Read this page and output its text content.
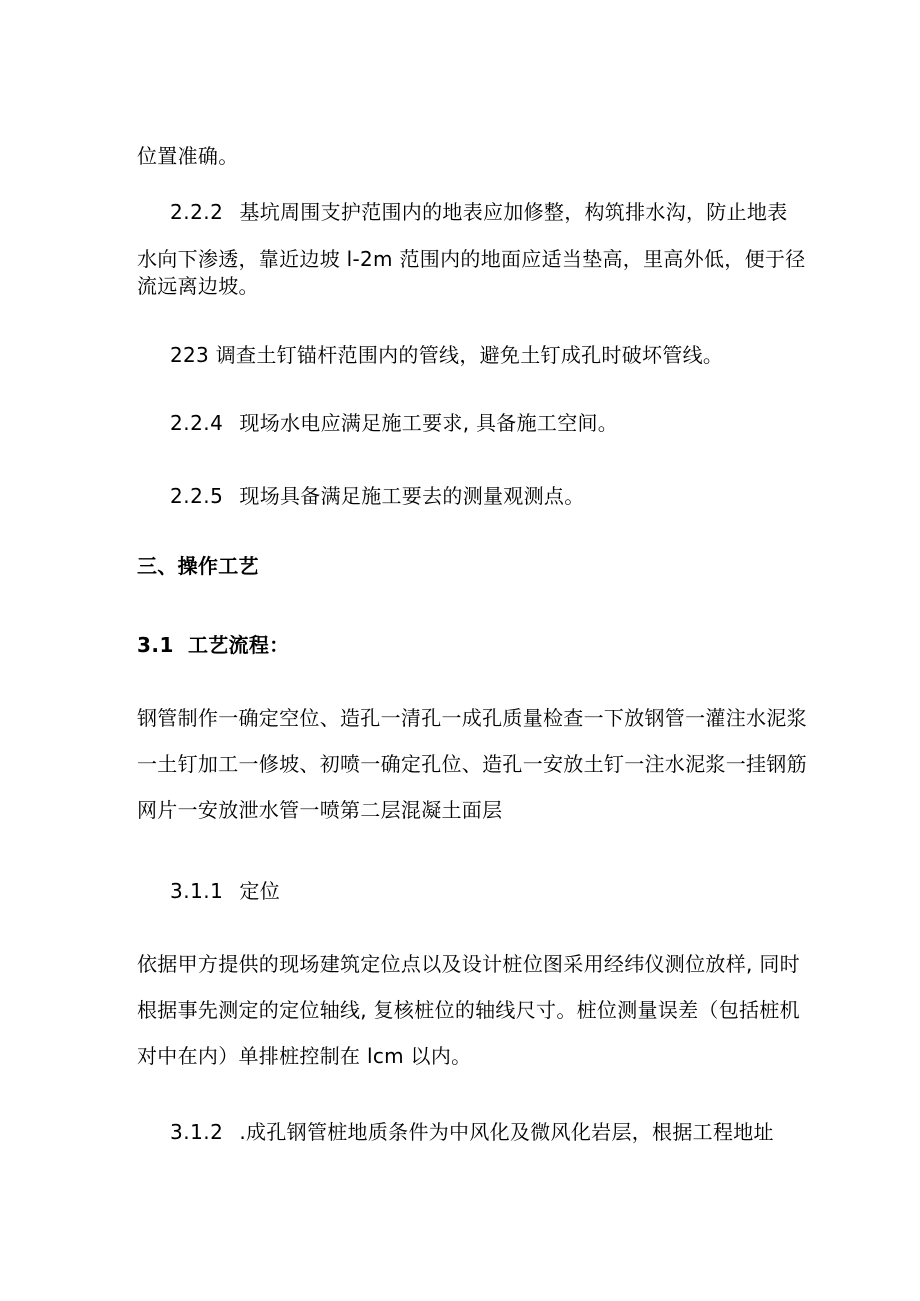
位置准确。
2.2.2 基坑周围支护范围内的地表应加修整，构筑排水沟，防止地表
水向下渗透，靠近边坡 l-2m 范围内的地面应适当垫高，里高外低，便于径
流远离边坡。
223 调查土钉锚杆范围内的管线，避免土钉成孔时破坏管线。
2.2.4 现场水电应满足施工要求, 具备施工空间。
2.2.5 现场具备满足施工要去的测量观测点。
三、操作工艺
3.1 工艺流程：
钢管制作一确定空位、造孔一清孔一成孔质量检查一下放钢管一灌注水泥浆
一土钉加工一修坡、初喷一确定孔位、造孔一安放土钉一注水泥浆一挂钢筋
网片一安放泄水管一喷第二层混凝土面层
3.1.1 定位
依据甲方提供的现场建筑定位点以及设计桩位图采用经纬仪测位放样, 同时
根据事先测定的定位轴线, 复核桩位的轴线尺寸。桩位测量误差（包括桩机
对中在内）单排桩控制在 lcm 以内。
3.1.2 .成孔钢管桩地质条件为中风化及微风化岩层，根据工程地址
